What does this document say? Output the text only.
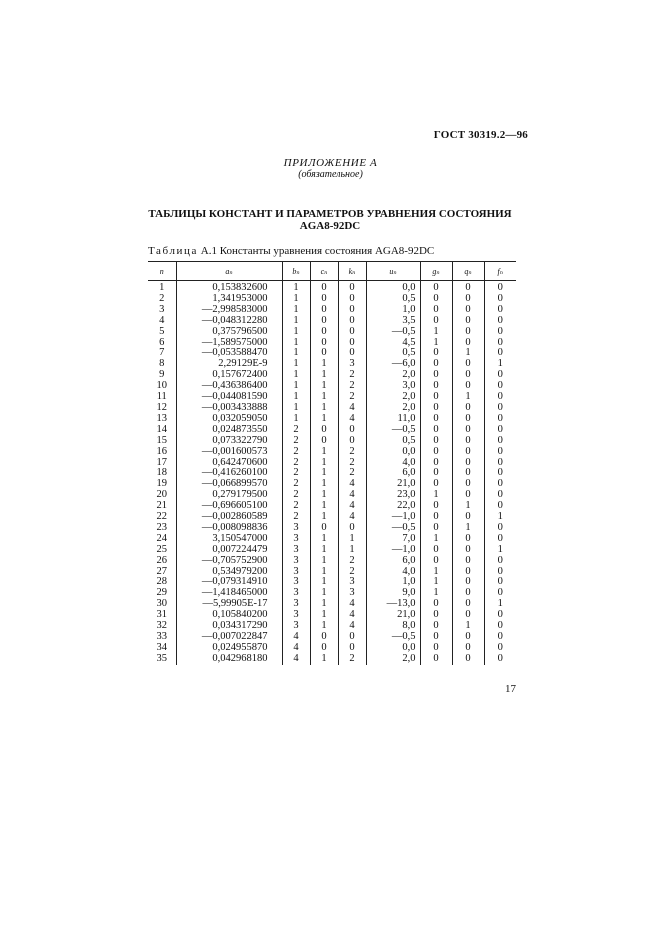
ГОСТ 30319.2—96
ПРИЛОЖЕНИЕ А
(обязательное)
ТАБЛИЦЫ КОНСТАНТ И ПАРАМЕТРОВ УРАВНЕНИЯ СОСТОЯНИЯ
AGA8-92DC
Таблица А.1 Константы уравнения состояния AGA8-92DC
n	aₙ	bₙ	cₙ	kₙ	uₙ	gₙ	qₙ	fₙ
1	0,153832600	1	0	0	0,0	0	0	0
2	1,341953000	1	0	0	0,5	0	0	0
3	—2,998583000	1	0	0	1,0	0	0	0
4	—0,048312280	1	0	0	3,5	0	0	0
5	0,375796500	1	0	0	—0,5	1	0	0
6	—1,589575000	1	0	0	4,5	1	0	0
7	—0,053588470	1	0	0	0,5	0	1	0
8	2,29129E-9	1	1	3	—6,0	0	0	1
9	0,157672400	1	1	2	2,0	0	0	0
10	—0,436386400	1	1	2	3,0	0	0	0
11	—0,044081590	1	1	2	2,0	0	1	0
12	—0,003433888	1	1	4	2,0	0	0	0
13	0,032059050	1	1	4	11,0	0	0	0
14	0,024873550	2	0	0	—0,5	0	0	0
15	0,073322790	2	0	0	0,5	0	0	0
16	—0,001600573	2	1	2	0,0	0	0	0
17	0,642470600	2	1	2	4,0	0	0	0
18	—0,416260100	2	1	2	6,0	0	0	0
19	—0,066899570	2	1	4	21,0	0	0	0
20	0,279179500	2	1	4	23,0	1	0	0
21	—0,696605100	2	1	4	22,0	0	1	0
22	—0,002860589	2	1	4	—1,0	0	0	1
23	—0,008098836	3	0	0	—0,5	0	1	0
24	3,150547000	3	1	1	7,0	1	0	0
25	0,007224479	3	1	1	—1,0	0	0	1
26	—0,705752900	3	1	2	6,0	0	0	0
27	0,534979200	3	1	2	4,0	1	0	0
28	—0,079314910	3	1	3	1,0	1	0	0
29	—1,418465000	3	1	3	9,0	1	0	0
30	—5,99905E-17	3	1	4	—13,0	0	0	1
31	0,105840200	3	1	4	21,0	0	0	0
32	0,034317290	3	1	4	8,0	0	1	0
33	—0,007022847	4	0	0	—0,5	0	0	0
34	0,024955870	4	0	0	0,0	0	0	0
35	0,042968180	4	1	2	2,0	0	0	0
17
